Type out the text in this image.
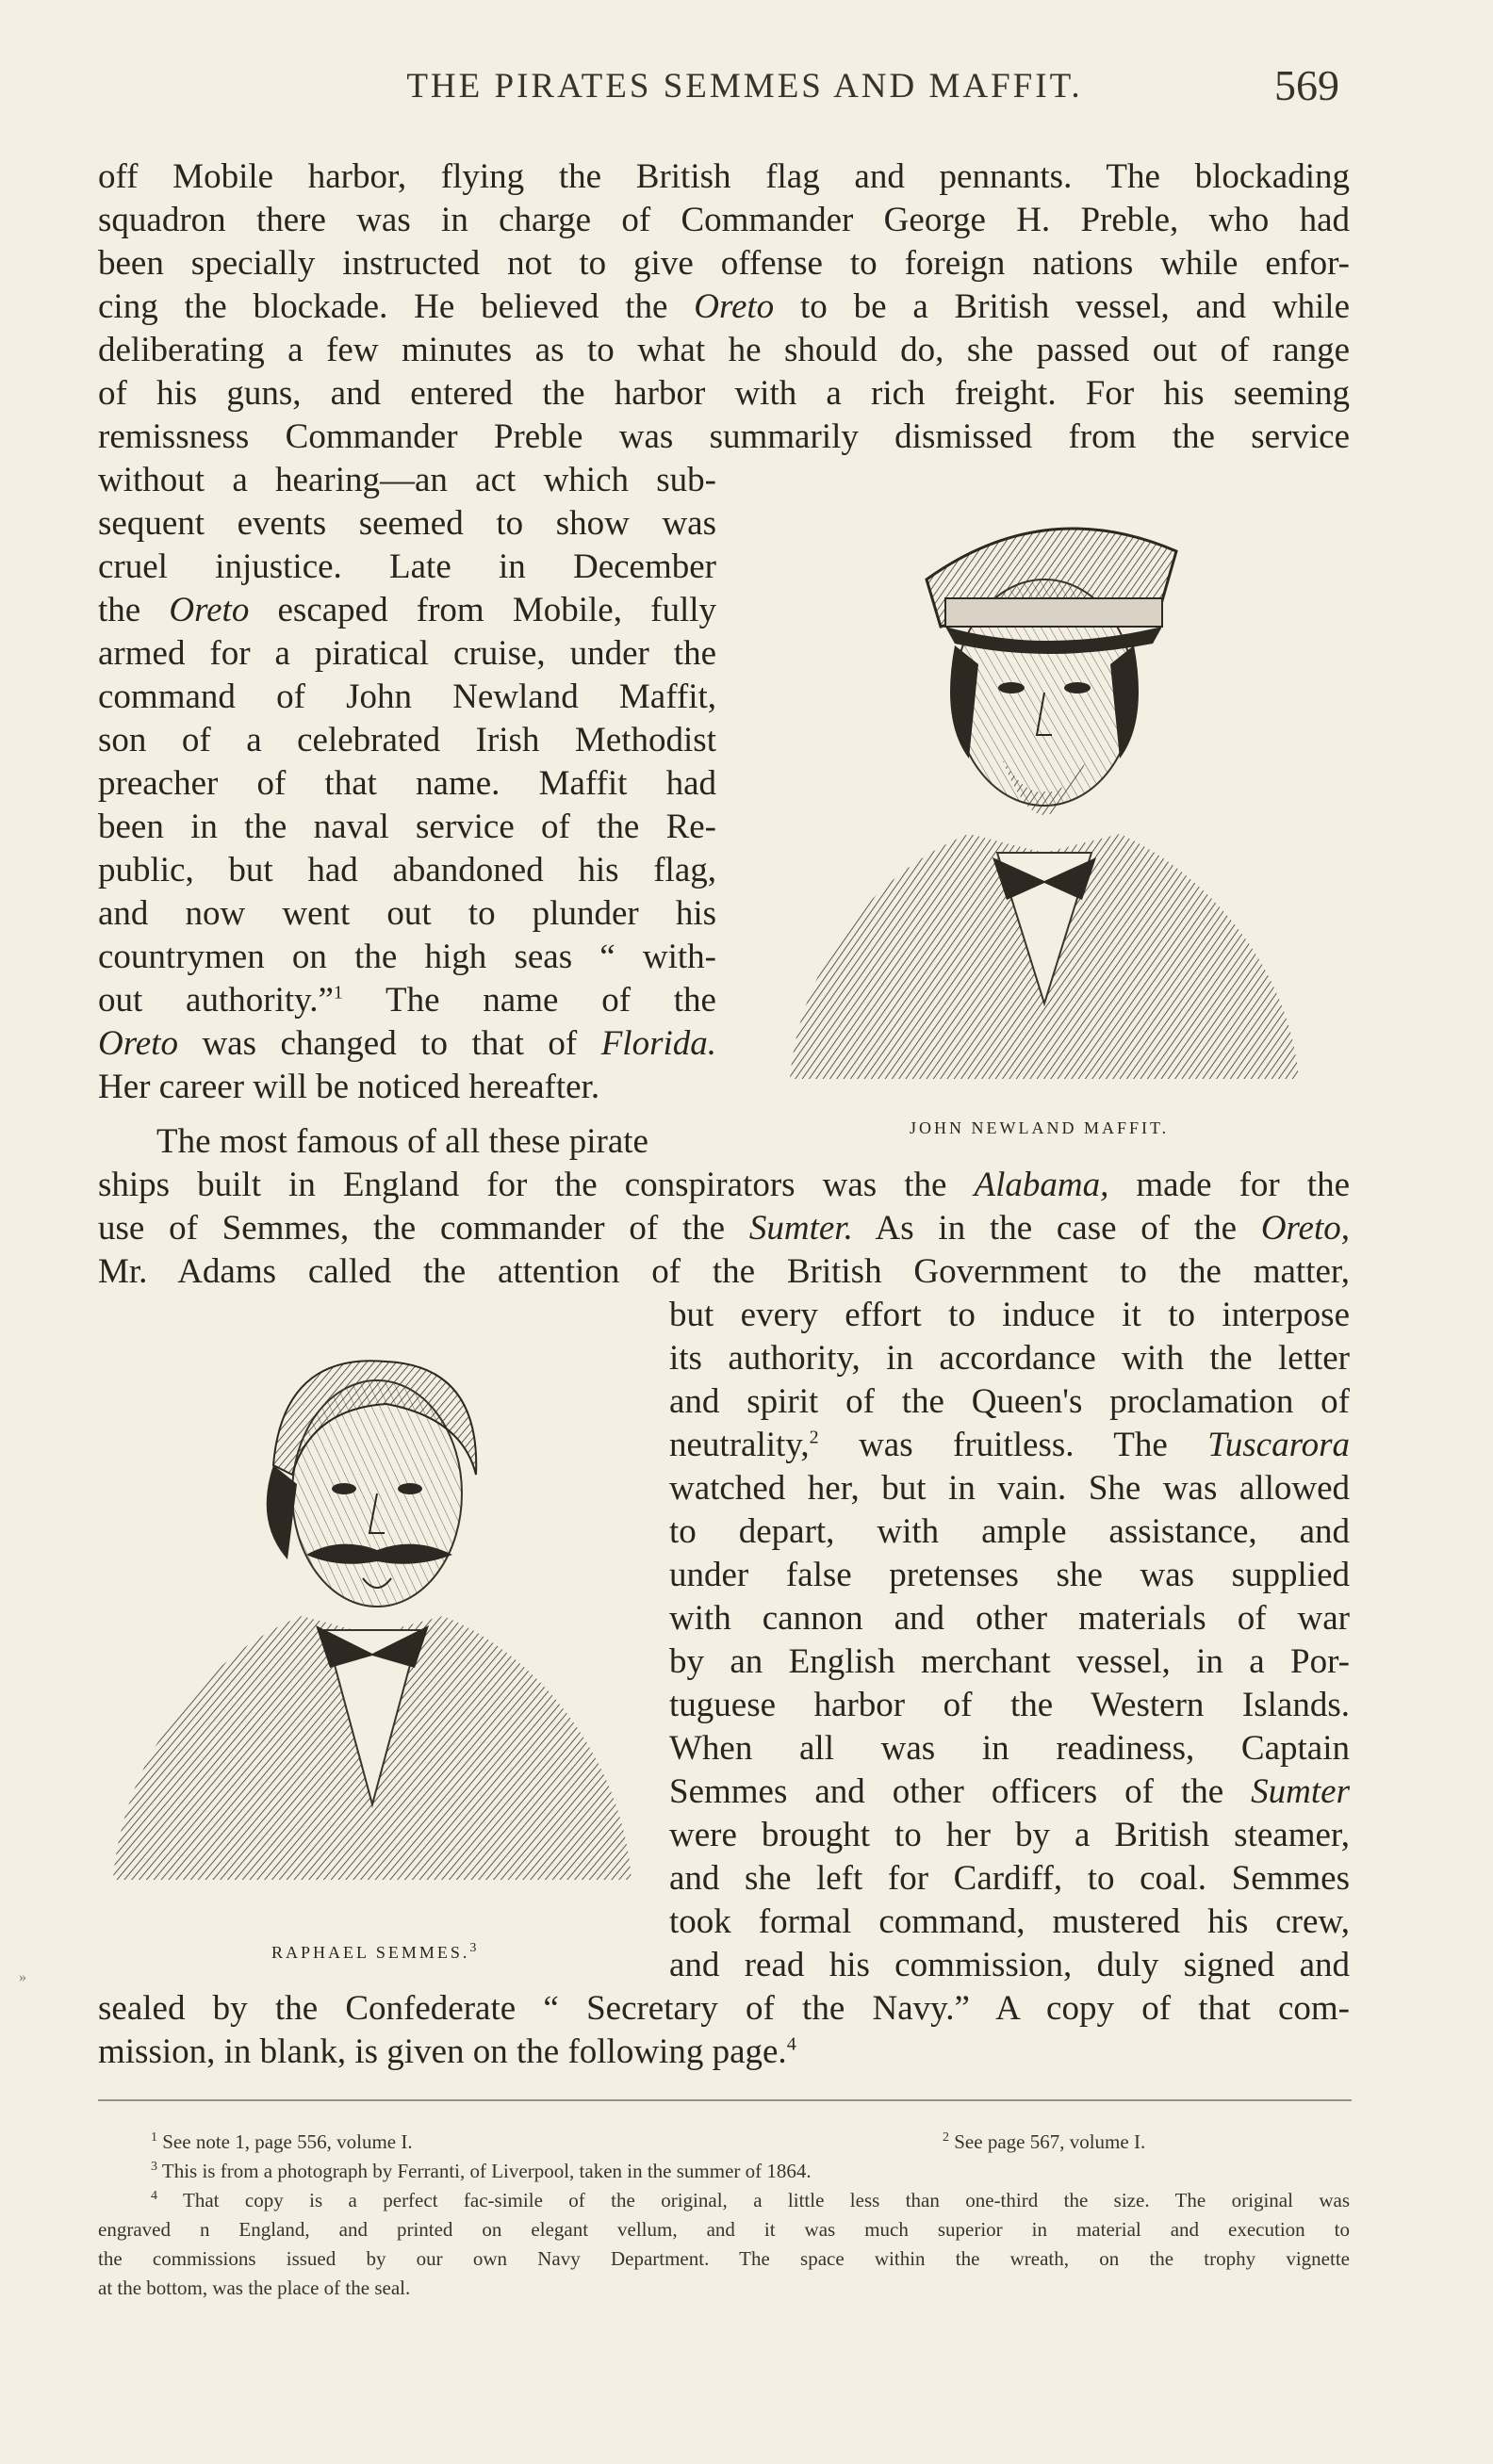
THE PIRATES SEMMES AND MAFFIT.	569
off Mobile harbor, flying the British flag and pennants. The blockading
squadron there was in charge of Commander George H. Preble, who had
been specially instructed not to give offense to foreign nations while enfor-
cing the blockade. He believed the Oreto to be a British vessel, and while
deliberating a few minutes as to what he should do, she passed out of range
of his guns, and entered the harbor with a rich freight. For his seeming
remissness Commander Preble was summarily dismissed from the service
without a hearing—an act which sub-
sequent events seemed to show was
cruel injustice. Late in December
the Oreto escaped from Mobile, fully
armed for a piratical cruise, under the
command of John Newland Maffit,
son of a celebrated Irish Methodist
preacher of that name. Maffit had
been in the naval service of the Re-
public, but had abandoned his flag,
and now went out to plunder his
countrymen on the high seas “ with-
out authority.”$^1$ The name of the
Oreto was changed to that of Florida.
Her career will be noticed hereafter.
JOHN NEWLAND MAFFIT.
The most famous of all these pirate
ships built in England for the conspirators was the Alabama, made for the
use of Semmes, the commander of the Sumter. As in the case of the Oreto,
Mr. Adams called the attention of the British Government to the matter,
but every effort to induce it to interpose
its authority, in accordance with the letter
and spirit of the Queen's proclamation of
neutrality,$^2$ was fruitless. The Tuscarora
watched her, but in vain. She was allowed
to depart, with ample assistance, and
under false pretenses she was supplied
with cannon and other materials of war
by an English merchant vessel, in a Por-
tuguese harbor of the Western Islands.
When all was in readiness, Captain
Semmes and other officers of the Sumter
were brought to her by a British steamer,
and she left for Cardiff, to coal. Semmes
took formal command, mustered his crew,
and read his commission, duly signed and
sealed by the Confederate “ Secretary of the Navy.” A copy of that com-
mission, in blank, is given on the following page.$^4$
RAPHAEL SEMMES.$^3$
»
$^1$ See note 1, page 556, volume I.	$^2$ See page 567, volume I.
$^3$ This is from a photograph by Ferranti, of Liverpool, taken in the summer of 1864.
$^4$ That copy is a perfect fac-simile of the original, a little less than one-third the size. The original was
engraved n England, and printed on elegant vellum, and it was much superior in material and execution to
the commissions issued by our own Navy Department. The space within the wreath, on the trophy vignette
at the bottom, was the place of the seal.
